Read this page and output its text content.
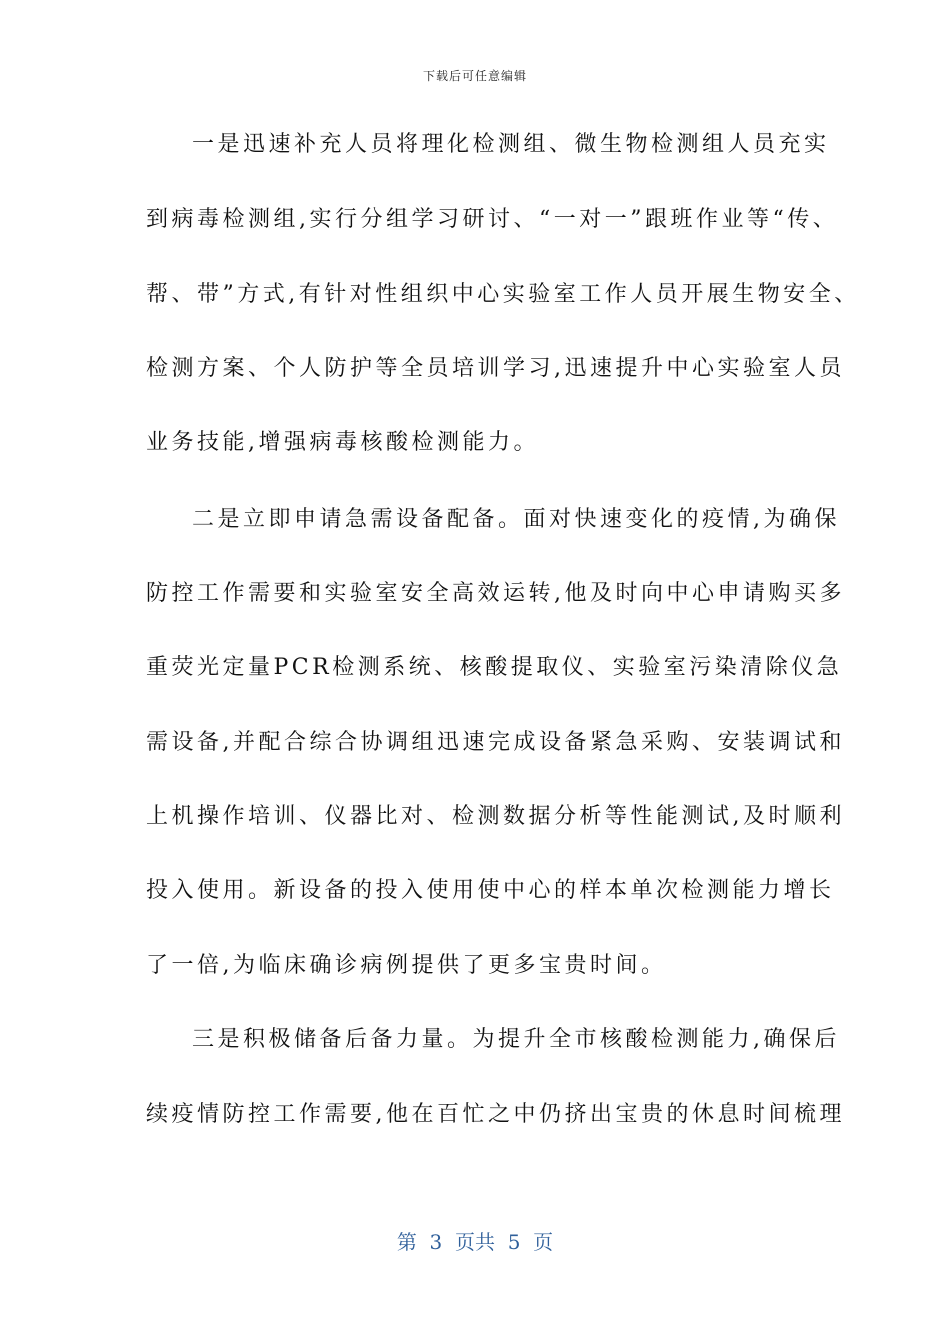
下载后可任意编辑
一是迅速补充人员将理化检测组、微生物检测组人员充实
到病毒检测组,实行分组学习研讨、“一对一”跟班作业等“传、
帮、带”方式,有针对性组织中心实验室工作人员开展生物安全、
检测方案、个人防护等全员培训学习,迅速提升中心实验室人员
业务技能,增强病毒核酸检测能力。
二是立即申请急需设备配备。面对快速变化的疫情,为确保
防控工作需要和实验室安全高效运转,他及时向中心申请购买多
重荧光定量PCR检测系统、核酸提取仪、实验室污染清除仪急
需设备,并配合综合协调组迅速完成设备紧急采购、安装调试和
上机操作培训、仪器比对、检测数据分析等性能测试,及时顺利
投入使用。新设备的投入使用使中心的样本单次检测能力增长
了一倍,为临床确诊病例提供了更多宝贵时间。
三是积极储备后备力量。为提升全市核酸检测能力,确保后
续疫情防控工作需要,他在百忙之中仍挤出宝贵的休息时间梳理
第  3  页共  5  页
